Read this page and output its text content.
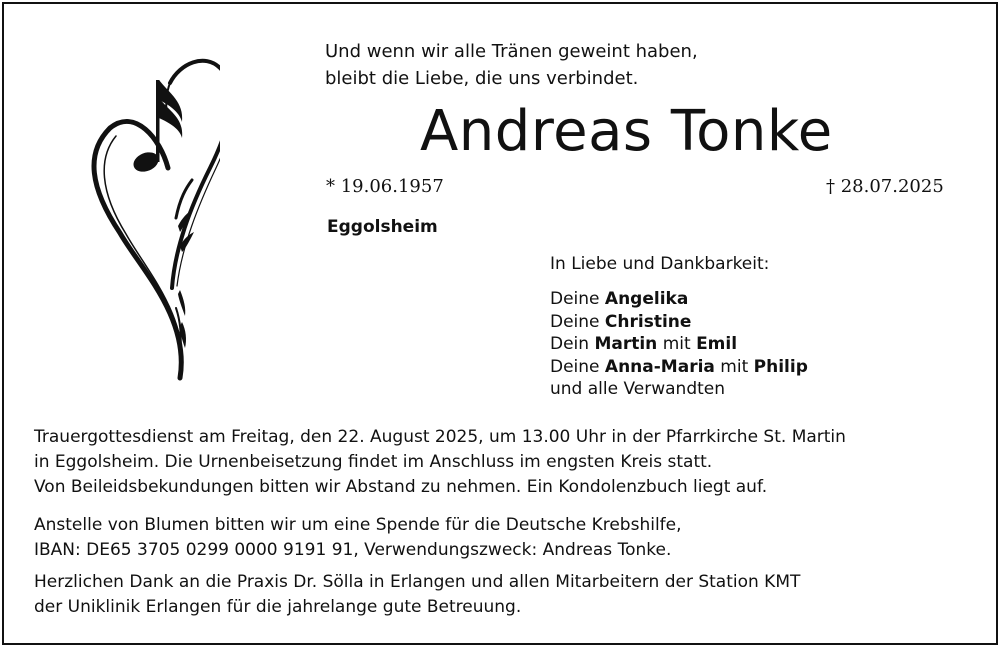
Und wenn wir alle Tränen geweint haben,
bleibt die Liebe, die uns verbindet.
Andreas Tonke
* 19.06.1957	† 28.07.2025
Eggolsheim
In Liebe und Dankbarkeit:
Deine Angelika
Deine Christine
Dein Martin mit Emil
Deine Anna-Maria mit Philip
und alle Verwandten
Trauergottesdienst am Freitag, den 22. August 2025, um 13.00 Uhr in der Pfarrkirche St. Martin
in Eggolsheim. Die Urnenbeisetzung findet im Anschluss im engsten Kreis statt.
Von Beileidsbekundungen bitten wir Abstand zu nehmen. Ein Kondolenzbuch liegt auf.
Anstelle von Blumen bitten wir um eine Spende für die Deutsche Krebshilfe,
IBAN: DE65 3705 0299 0000 9191 91, Verwendungszweck: Andreas Tonke.
Herzlichen Dank an die Praxis Dr. Sölla in Erlangen und allen Mitarbeitern der Station KMT
der Uniklinik Erlangen für die jahrelange gute Betreuung.
